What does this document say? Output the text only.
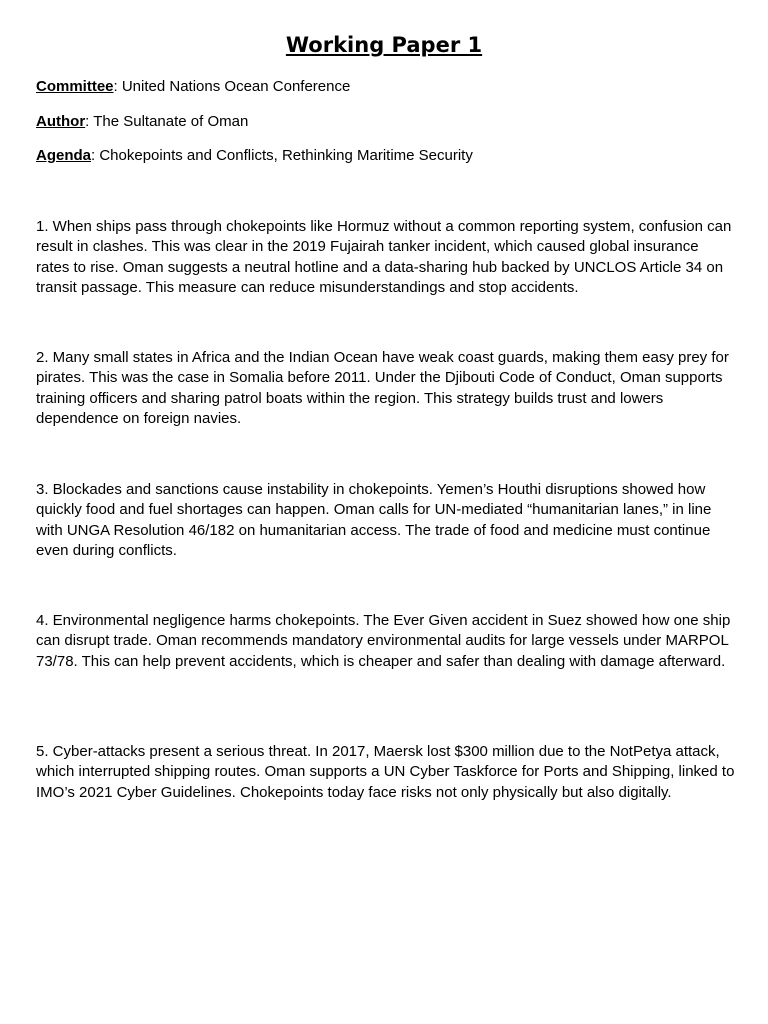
Working Paper 1
Committee: United Nations Ocean Conference
Author: The Sultanate of Oman
Agenda: Chokepoints and Conflicts, Rethinking Maritime Security

1. When ships pass through chokepoints like Hormuz without a common reporting system, confusion can result in clashes. This was clear in the 2019 Fujairah tanker incident, which caused global insurance rates to rise. Oman suggests a neutral hotline and a data-sharing hub backed by UNCLOS Article 34 on transit passage. This measure can reduce misunderstandings and stop accidents.

2. Many small states in Africa and the Indian Ocean have weak coast guards, making them easy prey for pirates. This was the case in Somalia before 2011. Under the Djibouti Code of Conduct, Oman supports training officers and sharing patrol boats within the region. This strategy builds trust and lowers dependence on foreign navies.

3. Blockades and sanctions cause instability in chokepoints. Yemen’s Houthi disruptions showed how quickly food and fuel shortages can happen. Oman calls for UN-mediated “humanitarian lanes,” in line with UNGA Resolution 46/182 on humanitarian access. The trade of food and medicine must continue even during conflicts.

4. Environmental negligence harms chokepoints. The Ever Given accident in Suez showed how one ship can disrupt trade. Oman recommends mandatory environmental audits for large vessels under MARPOL 73/78. This can help prevent accidents, which is cheaper and safer than dealing with damage afterward.

5. Cyber-attacks present a serious threat. In 2017, Maersk lost $300 million due to the NotPetya attack, which interrupted shipping routes. Oman supports a UN Cyber Taskforce for Ports and Shipping, linked to IMO’s 2021 Cyber Guidelines. Chokepoints today face risks not only physically but also digitally.
